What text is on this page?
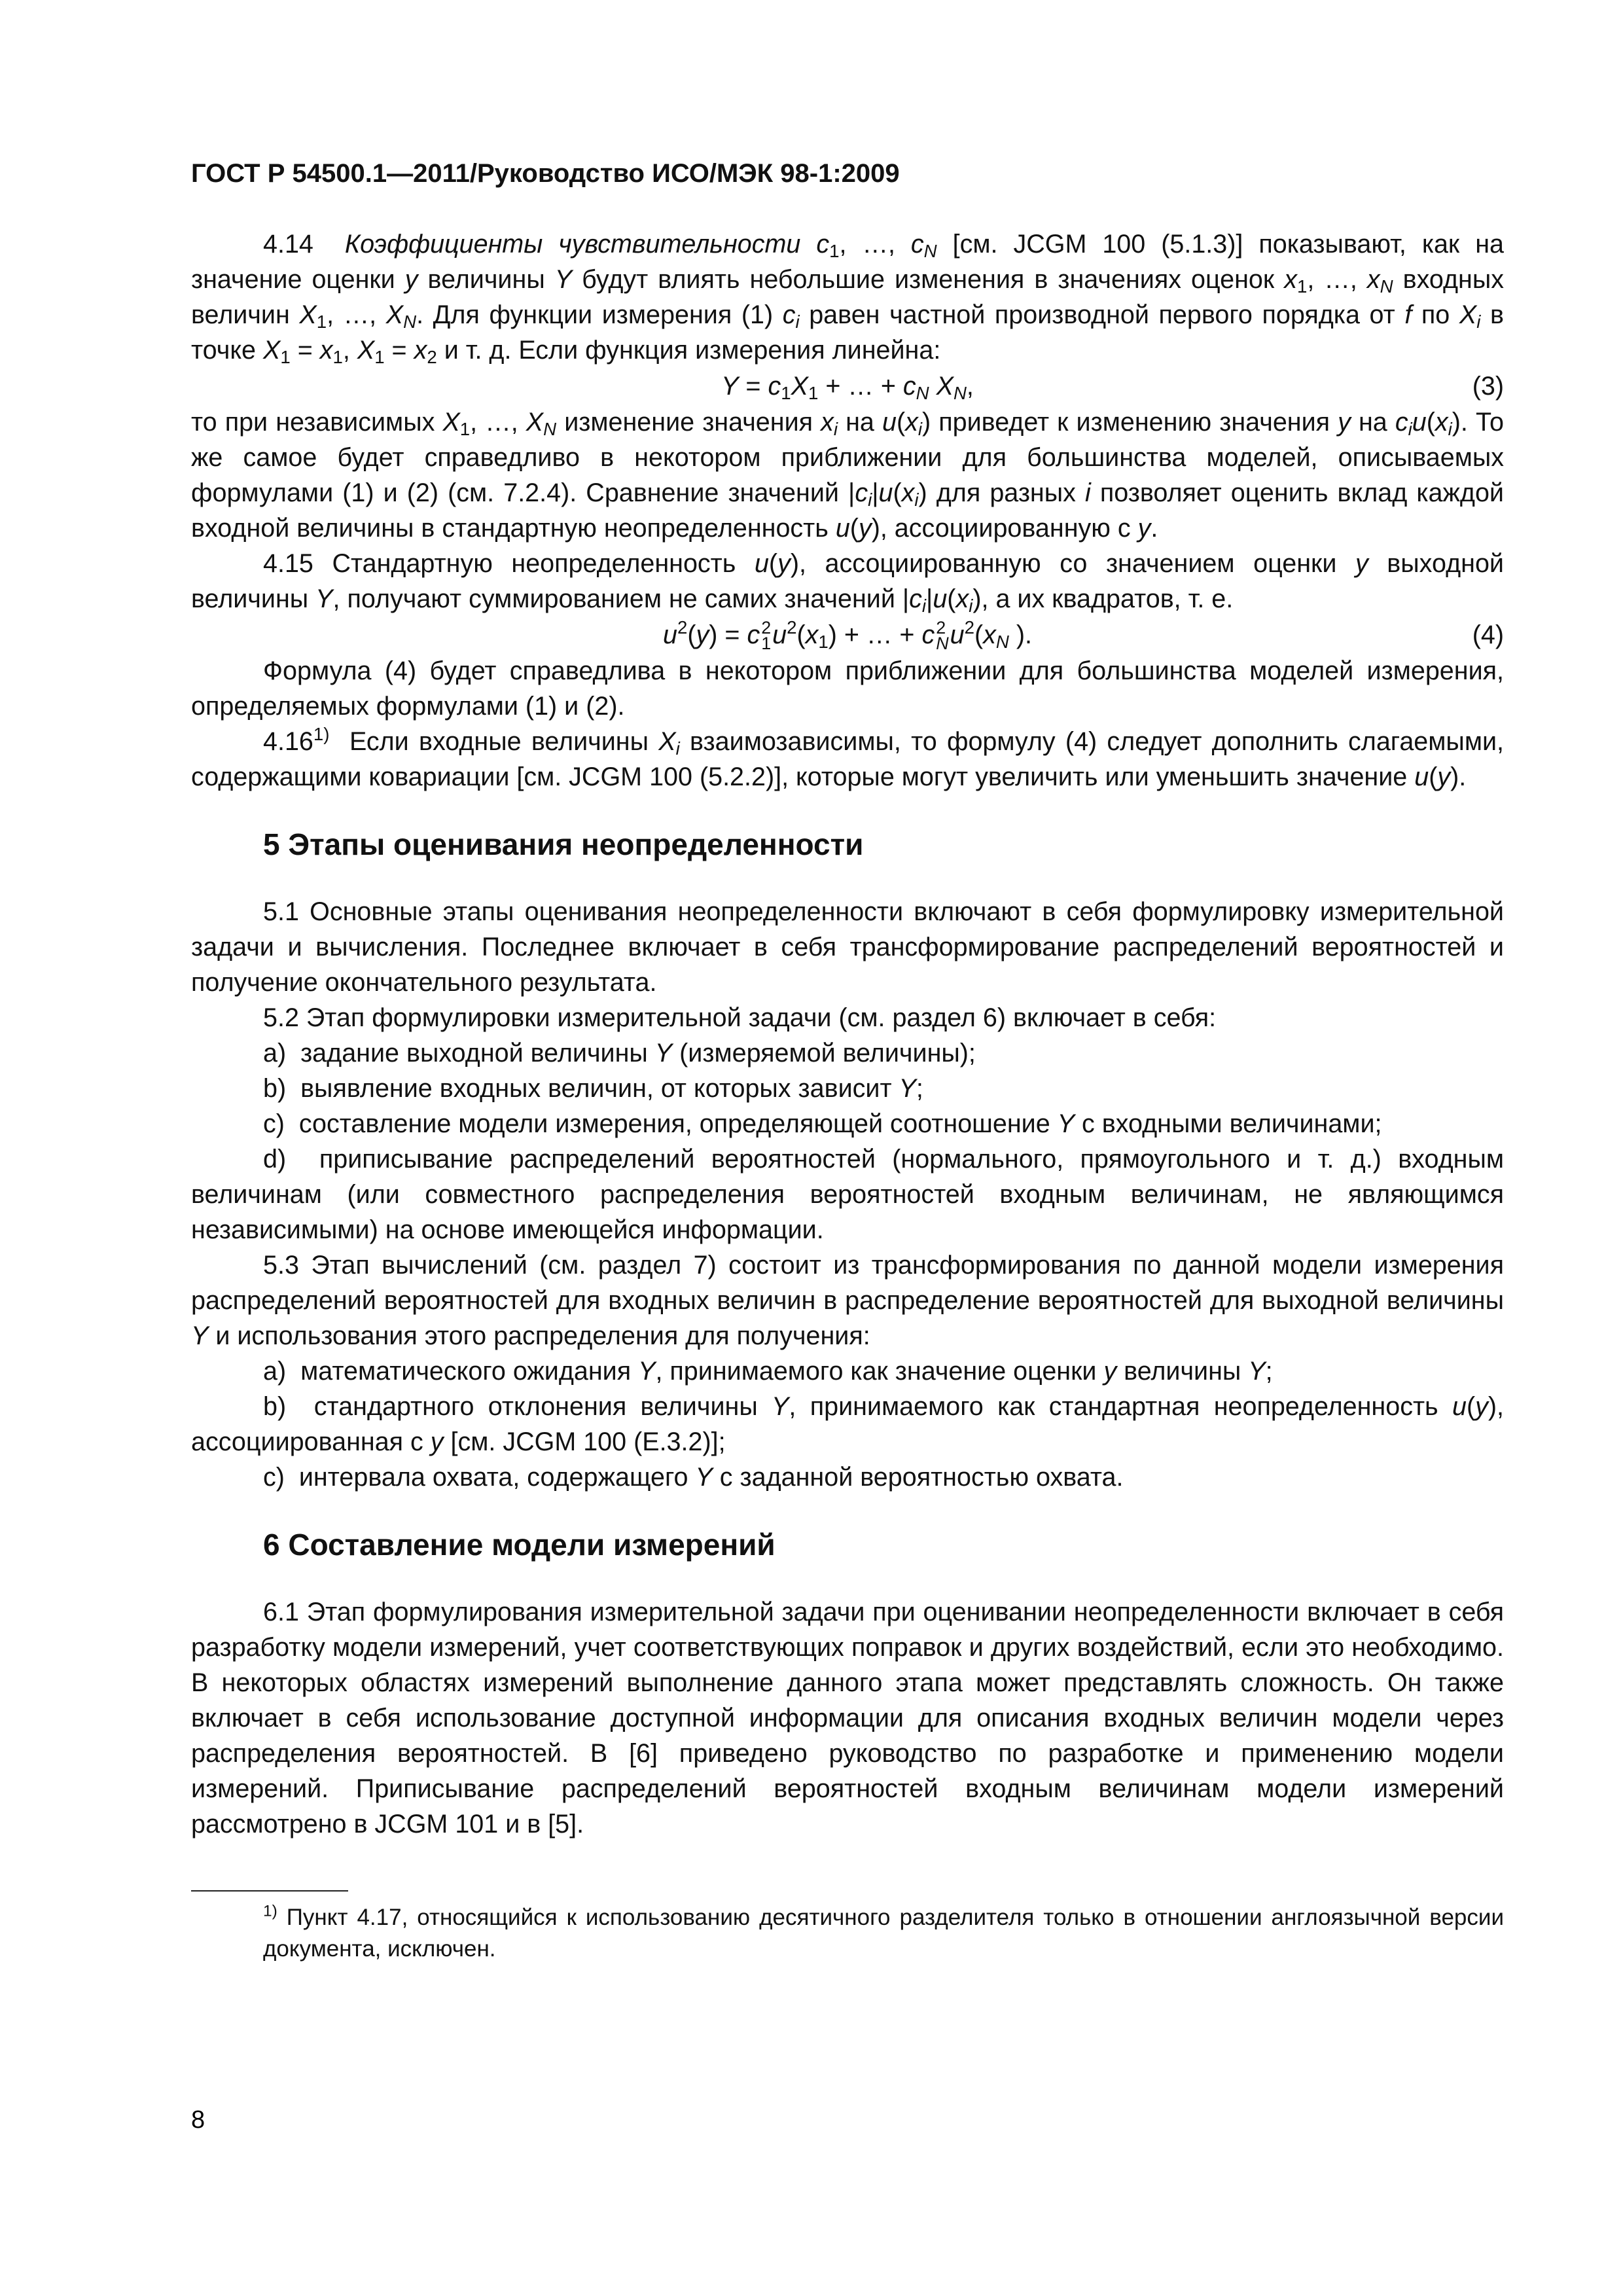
ГОСТ Р 54500.1—2011/Руководство ИСО/МЭК 98-1:2009

4.14 Коэффициенты чувствительности $c_1$, …, $c_N$ [см. JCGM 100 (5.1.3)] показывают, как на значение оценки y величины Y будут влиять небольшие изменения в значениях оценок $x_1$, …, $x_N$ входных величин $X_1$, …, $X_N$. Для функции измерения (1) $c_i$ равен частной производной первого порядка от f по $X_i$ в точке $X_1 = x_1$, $X_1 = x_2$ и т. д. Если функция измерения линейна:

$Y = c_1X_1$ + … + $c_N$ $X_N$,	(3)

то при независимых $X_1$, …, $X_N$ изменение значения $x_i$ на $u(x_i)$ приведет к изменению значения y на $c_iu(x_i)$. То же самое будет справедливо в некотором приближении для большинства моделей, описываемых формулами (1) и (2) (см. 7.2.4). Сравнение значений $|c_i|u(x_i)$ для разных i позволяет оценить вклад каждой входной величины в стандартную неопределенность u(y), ассоциированную с y.

4.15 Стандартную неопределенность u(y), ассоциированную со значением оценки y выходной величины Y, получают суммированием не самих значений $|c_i|u(x_i)$, а их квадратов, т. е.

$u^2(y) = c$ 2
1 $u^2(x_1)$ + … + c 2
N $u^2(x_N$ ).	(4)

Формула (4) будет справедлива в некотором приближении для большинства моделей измерения, определяемых формулами (1) и (2).

4.16$^{1)}$  Если входные величины $X_i$ взаимозависимы, то формулу (4) следует дополнить слагаемыми, содержащими ковариации [см. JCGM 100 (5.2.2)], которые могут увеличить или уменьшить значение u(y).

5 Этапы оценивания неопределенности

5.1 Основные этапы оценивания неопределенности включают в себя формулировку измерительной задачи и вычисления. Последнее включает в себя трансформирование распределений вероятностей и получение окончательного результата.

5.2 Этап формулировки измерительной задачи (см. раздел 6) включает в себя:

a)  задание выходной величины Y (измеряемой величины);

b)  выявление входных величин, от которых зависит Y;

c)  составление модели измерения, определяющей соотношение Y с входными величинами;

d)  приписывание распределений вероятностей (нормального, прямоугольного и т. д.) входным величинам (или совместного распределения вероятностей входным величинам, не являющимся независимыми) на основе имеющейся информации.

5.3 Этап вычислений (см. раздел 7) состоит из трансформирования по данной модели измерения распределений вероятностей для входных величин в распределение вероятностей для выходной величины Y и использования этого распределения для получения:

a)  математического ожидания Y, принимаемого как значение оценки y величины Y;

b)  стандартного отклонения величины Y, принимаемого как стандартная неопределенность u(y), ассоциированная с y [см. JCGM 100 (E.3.2)];

c)  интервала охвата, содержащего Y с заданной вероятностью охвата.

6 Составление модели измерений

6.1 Этап формулирования измерительной задачи при оценивании неопределенности включает в себя разработку модели измерений, учет соответствующих поправок и других воздействий, если это необходимо. В некоторых областях измерений выполнение данного этапа может представлять сложность. Он также включает в себя использование доступной информации для описания входных величин модели через распределения вероятностей. В [6] приведено руководство по разработке и применению модели измерений. Приписывание распределений вероятностей входным величинам модели измерений рассмотрено в JCGM 101 и в [5].

$^{1)}$ Пункт 4.17, относящийся к использованию десятичного разделителя только в отношении англоязычной версии документа, исключен.

8
